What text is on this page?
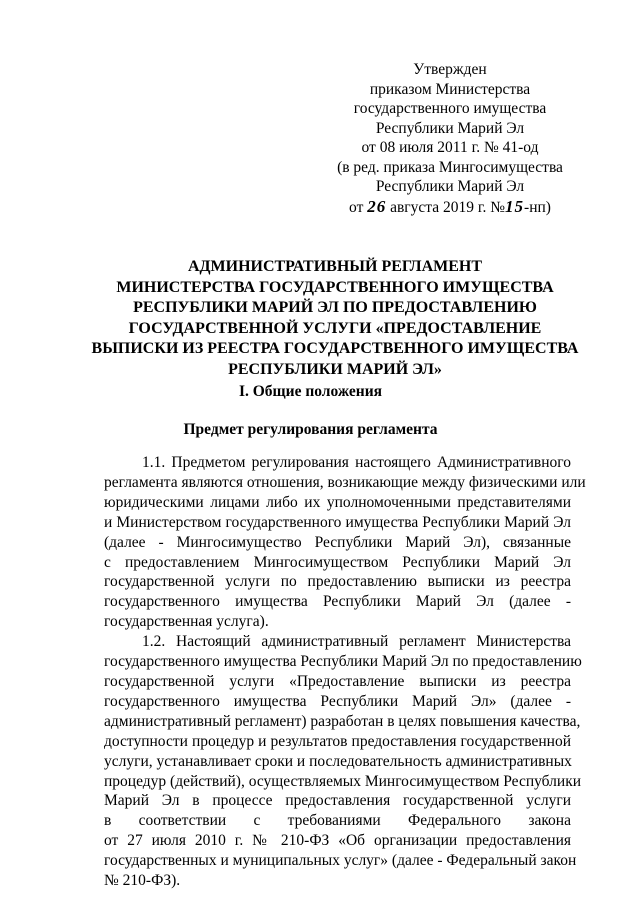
Утвержден
приказом Министерства
государственного имущества
Республики Марий Эл
от 08 июля 2011 г. № 41-од
(в ред. приказа Мингосимущества
Республики Марий Эл
от 26 августа 2019 г. №15-нп)
АДМИНИСТРАТИВНЫЙ РЕГЛАМЕНТ
МИНИСТЕРСТВА ГОСУДАРСТВЕННОГО ИМУЩЕСТВА
РЕСПУБЛИКИ МАРИЙ ЭЛ ПО ПРЕДОСТАВЛЕНИЮ
ГОСУДАРСТВЕННОЙ УСЛУГИ «ПРЕДОСТАВЛЕНИЕ
ВЫПИСКИ ИЗ РЕЕСТРА ГОСУДАРСТВЕННОГО ИМУЩЕСТВА
РЕСПУБЛИКИ МАРИЙ ЭЛ»
I. Общие положения
Предмет регулирования регламента
1.1. Предметом регулирования настоящего Административного
регламента являются отношения, возникающие между физическими или
юридическими лицами либо их уполномоченными представителями
и Министерством государственного имущества Республики Марий Эл
(далее - Мингосимущество Республики Марий Эл), связанные
с предоставлением Мингосимуществом Республики Марий Эл
государственной услуги по предоставлению выписки из реестра
государственного имущества Республики Марий Эл (далее -
государственная услуга).
1.2. Настоящий административный регламент Министерства
государственного имущества Республики Марий Эл по предоставлению
государственной услуги «Предоставление выписки из реестра
государственного имущества Республики Марий Эл» (далее -
административный регламент) разработан в целях повышения качества,
доступности процедур и результатов предоставления государственной
услуги, устанавливает сроки и последовательность административных
процедур (действий), осуществляемых Мингосимуществом Республики
Марий Эл в процессе предоставления государственной услуги
в соответствии с требованиями Федерального закона
от 27 июля 2010 г. № 210-ФЗ «Об организации предоставления
государственных и муниципальных услуг» (далее - Федеральный закон
№ 210-ФЗ).
